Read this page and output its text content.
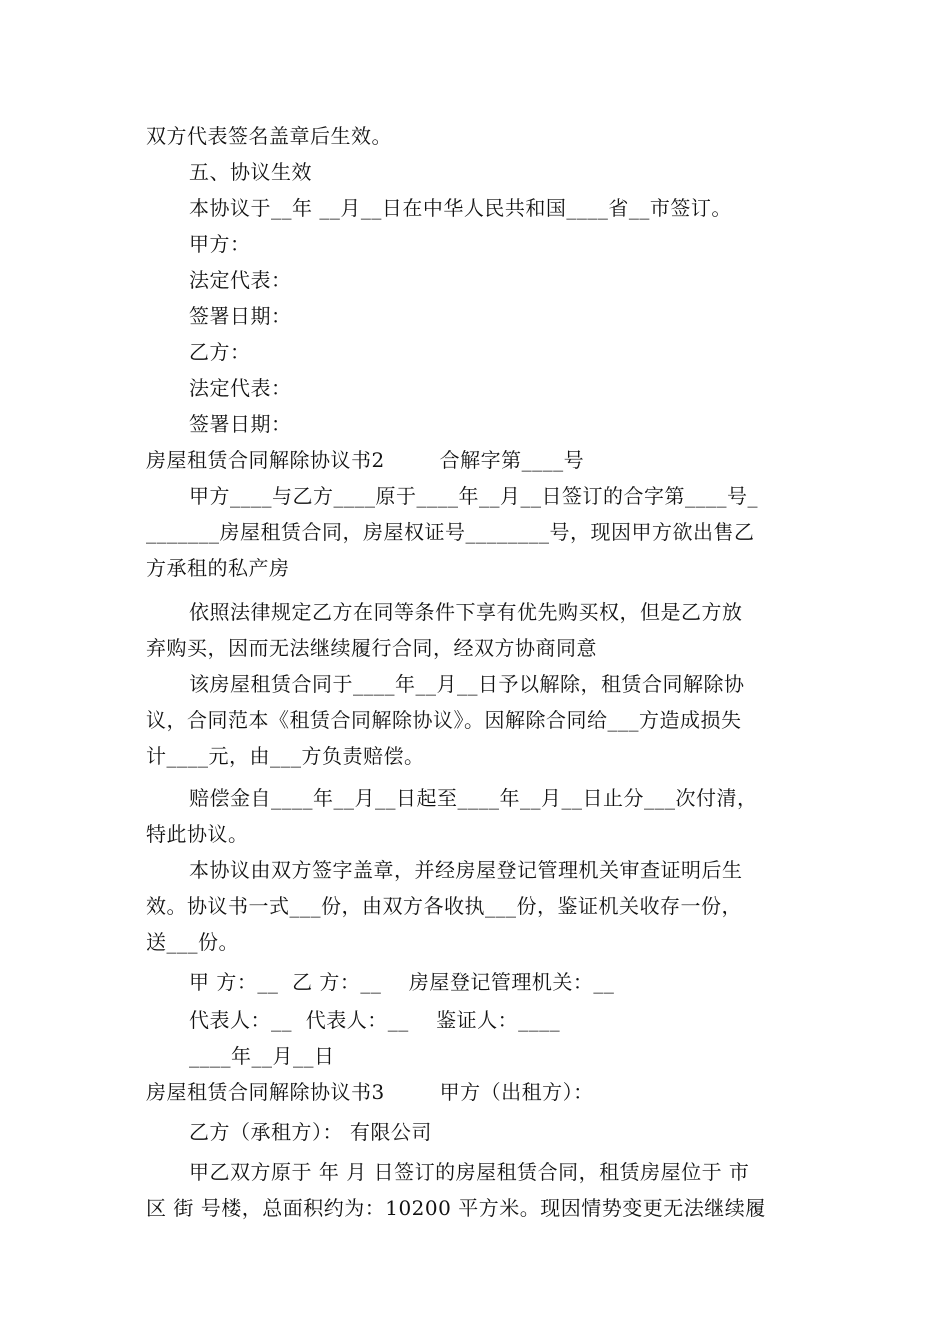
双方代表签名盖章后生效。
五、协议生效
本协议于__年 __月__日在中华人民共和国____省__市签订。
甲方：
法定代表：
签署日期：
乙方：
法定代表：
签署日期：
房屋租赁合同解除协议书2        合解字第____号
甲方____与乙方____原于____年__月__日签订的合字第____号_
_______房屋租赁合同，房屋权证号________号，现因甲方欲出售乙
方承租的私产房
依照法律规定乙方在同等条件下享有优先购买权，但是乙方放
弃购买，因而无法继续履行合同，经双方协商同意
该房屋租赁合同于____年__月__日予以解除，租赁合同解除协
议，合同范本《租赁合同解除协议》。因解除合同给___方造成损失
计____元，由___方负责赔偿。
赔偿金自____年__月__日起至____年__月__日止分___次付清，
特此协议。
本协议由双方签字盖章，并经房屋登记管理机关审查证明后生
效。协议书一式___份，由双方各收执___份，鉴证机关收存一份，
送___份。
甲 方：__  乙 方：__    房屋登记管理机关：__
代表人：__  代表人：__    鉴证人：____
____年__月__日
房屋租赁合同解除协议书3        甲方（出租方）：
乙方（承租方）： 有限公司
甲乙双方原于 年 月 日签订的房屋租赁合同，租赁房屋位于 市
区 街 号楼，总面积约为：10200 平方米。现因情势变更无法继续履
